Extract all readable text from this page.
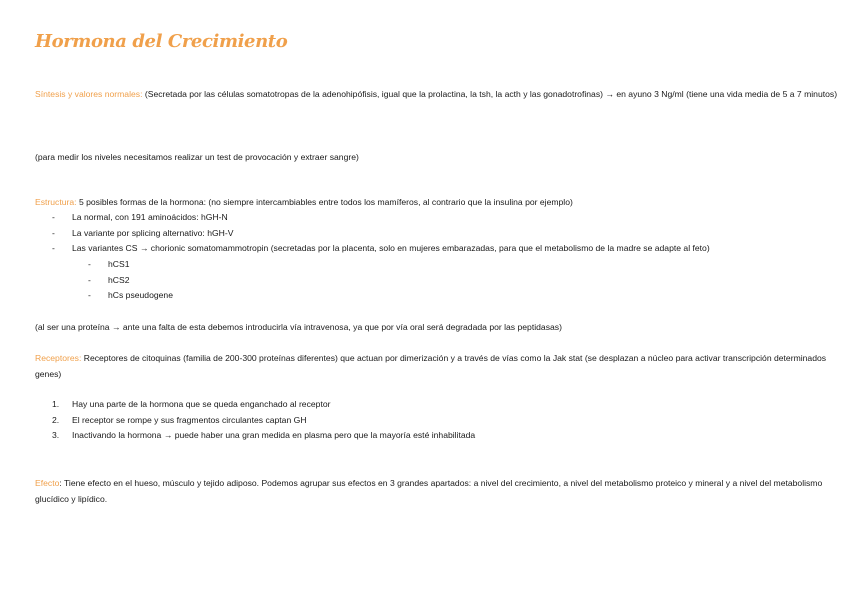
Hormona del Crecimiento

Síntesis y valores normales: (Secretada por las células somatotropas de la adenohipófisis, igual que la prolactina, la tsh, la acth y las gonadotrofinas) → en ayuno 3 Ng/ml (tiene una vida media de 5 a 7 minutos)

(para medir los niveles necesitamos realizar un test de provocación y extraer sangre)

Estructura: 5 posibles formas de la hormona: (no siempre intercambiables entre todos los mamíferos, al contrario que la insulina por ejemplo)

- La normal, con 191 aminoácidos: hGH-N
- La variante por splicing alternativo: hGH-V
- Las variantes CS → chorionic somatomammotropin (secretadas por la placenta, solo en mujeres embarazadas, para que el metabolismo de la madre se adapte al feto)
- hCS1
- hCS2
- hCs pseudogene

(al ser una proteína → ante una falta de esta debemos introducirla vía intravenosa, ya que por vía oral será degradada por las peptidasas)

Receptores: Receptores de citoquinas (familia de 200-300 proteínas diferentes) que actuan por dimerización y a través de vías como la Jak stat (se desplazan a núcleo para activar transcripción determinados genes)

1. Hay una parte de la hormona que se queda enganchado al receptor
2. El receptor se rompe y sus fragmentos circulantes captan GH
3. Inactivando la hormona → puede haber una gran medida en plasma pero que la mayoría esté inhabilitada

Efecto: Tiene efecto en el hueso, músculo y tejido adiposo. Podemos agrupar sus efectos en 3 grandes apartados: a nivel del crecimiento, a nivel del metabolismo proteico y mineral y a nivel del metabolismo glucídico y lipídico.
